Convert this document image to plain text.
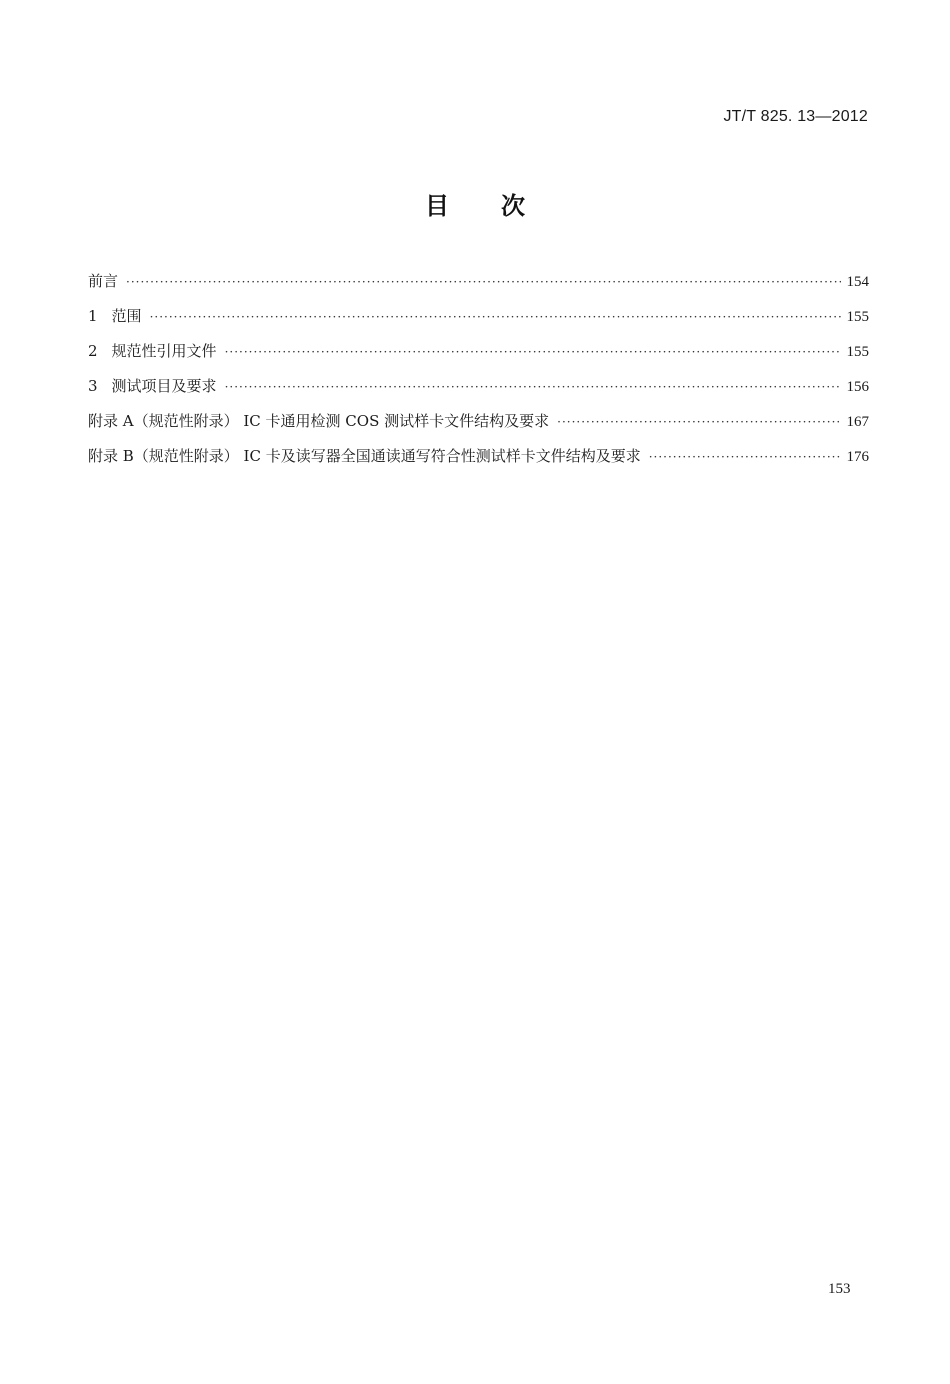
JT/T 825. 13—2012
目次
前言 ·····	154
1 范围 ·····	155
2 规范性引用文件 ·····	155
3 测试项目及要求 ·····	156
附录 A（规范性附录） IC 卡通用检测 COS 测试样卡文件结构及要求 ·····	167
附录 B（规范性附录） IC 卡及读写器全国通读通写符合性测试样卡文件结构及要求 ·····	176
153
